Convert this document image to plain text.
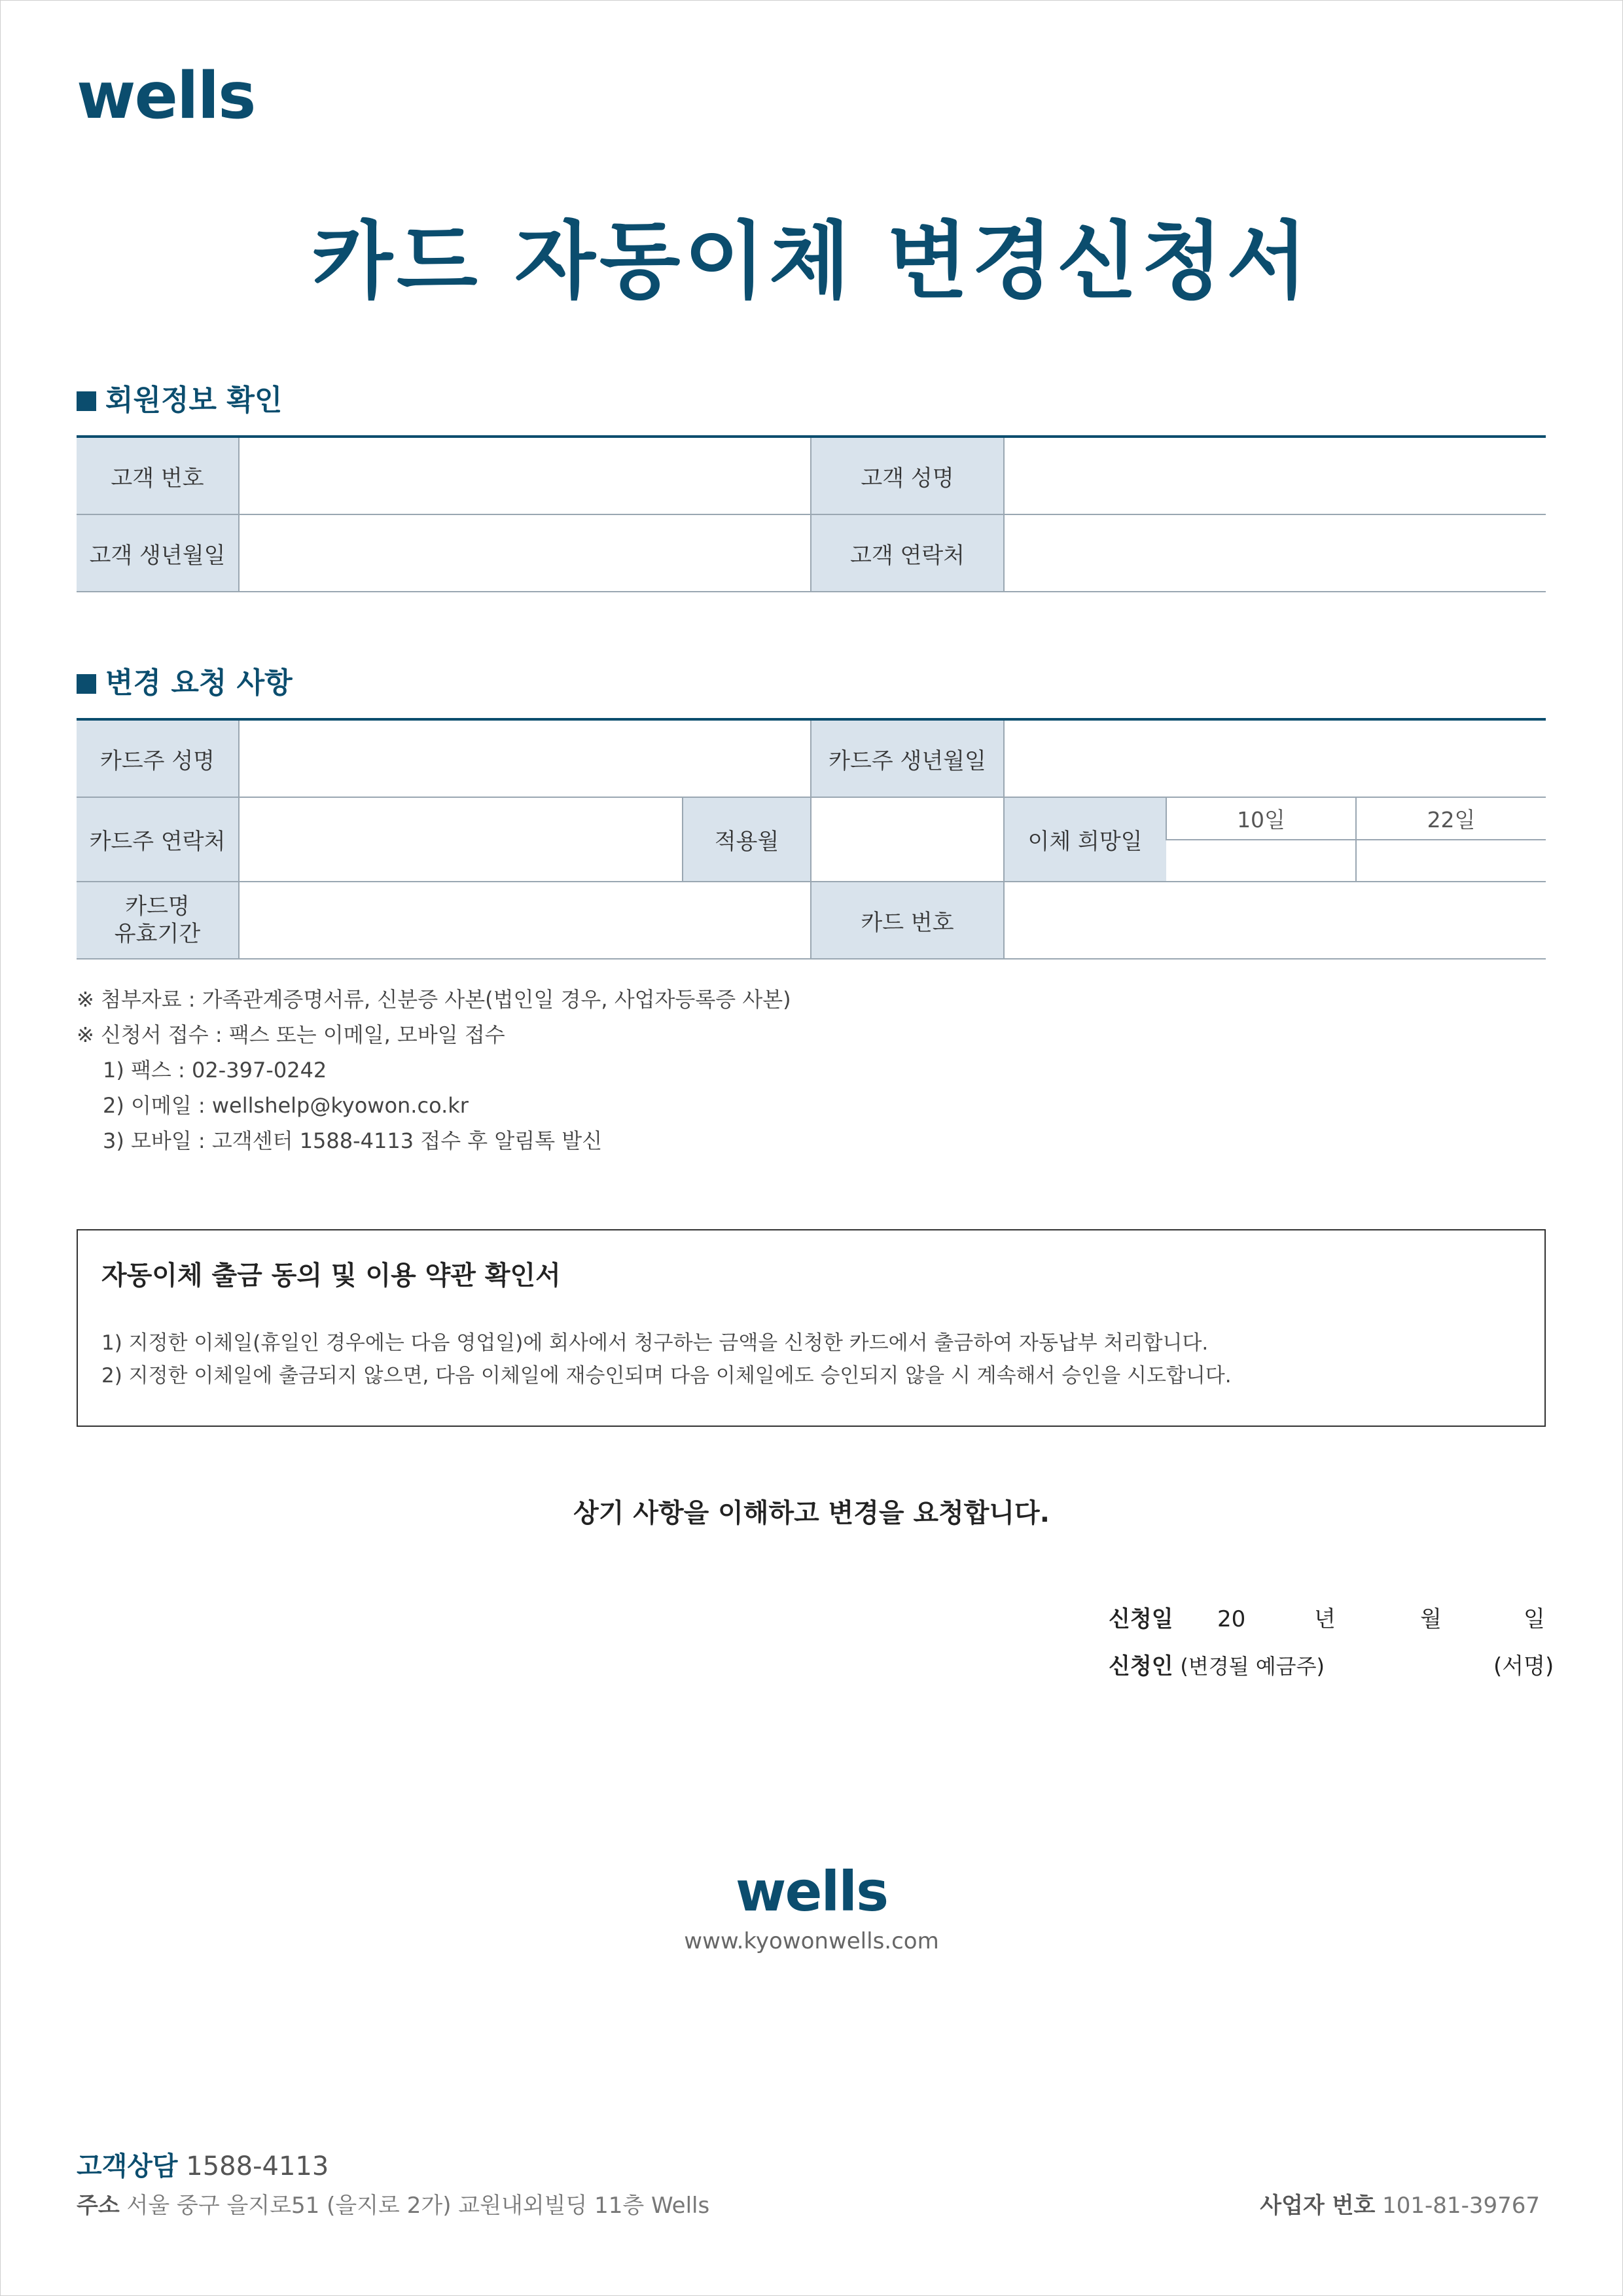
wells
카드 자동이체 변경신청서
회원정보 확인
고객 번호		고객 성명	
고객 생년월일		고객 연락처	
변경 요청 사항
카드주 성명			카드주 생년월일			
카드주 연락처		적용월		이체 희망일	10일	22일

카드명
유효기간			카드 번호			
※ 첨부자료 : 가족관계증명서류, 신분증 사본(법인일 경우, 사업자등록증 사본)
※ 신청서 접수 : 팩스 또는 이메일, 모바일 접수
1) 팩스 : 02-397-0242
2) 이메일 : wellshelp@kyowon.co.kr
3) 모바일 : 고객센터 1588-4113 접수 후 알림톡 발신
자동이체 출금 동의 및 이용 약관 확인서
1) 지정한 이체일(휴일인 경우에는 다음 영업일)에 회사에서 청구하는 금액을 신청한 카드에서 출금하여 자동납부 처리합니다.
2) 지정한 이체일에 출금되지 않으면, 다음 이체일에 재승인되며 다음 이체일에도 승인되지 않을 시 계속해서 승인을 시도합니다.
상기 사항을 이해하고 변경을 요청합니다.
신청일 20	년	월	일
신청인 (변경될 예금주)	(서명)
wells
www.kyowonwells.com
고객상담 1588-4113
주소 서울 중구 을지로51 (을지로 2가) 교원내외빌딩 11층 Wells	사업자 번호 101-81-39767
